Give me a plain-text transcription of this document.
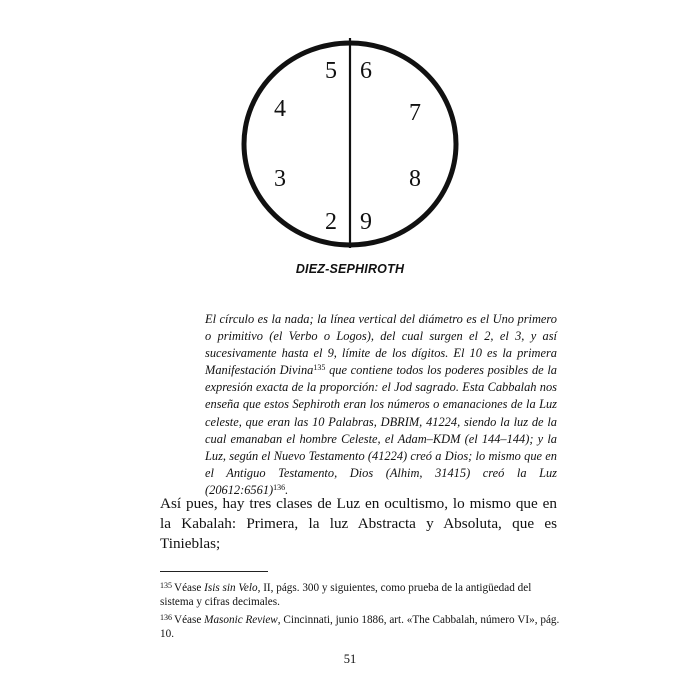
5 6
4	7
3	8
2 9
DIEZ-SEPHIROTH
El círculo es la nada; la línea vertical del diámetro es el Uno primero o primitivo (el Verbo o Logos), del cual surgen el 2, el 3, y así sucesivamente hasta el 9, límite de los dígitos. El 10 es la primera Manifestación Divina$^{135}$ que contiene todos los poderes posibles de la expresión exacta de la proporción: el Jod sagrado. Esta Cabbalah nos enseña que estos Sephiroth eran los números o emanaciones de la Luz celeste, que eran las 10 Palabras, DBRIM, 41224, siendo la luz de la cual emanaban el hombre Celeste, el Adam–KDM (el 144–144); y la Luz, según el Nuevo Testamento (41224) creó a Dios; lo mismo que en el Antiguo Testamento, Dios (Alhim, 31415) creó la Luz (20612:6561)$^{136}$.
Así pues, hay tres clases de Luz en ocultismo, lo mismo que en la Kabalah: Primera, la luz Abstracta y Absoluta, que es Tinieblas;
$^{135}$ Véase Isis sin Velo, II, págs. 300 y siguientes, como prueba de la antigüedad del sistema y cifras decimales.
$^{136}$ Véase Masonic Review, Cincinnati, junio 1886, art. «The Cabbalah, número VI», pág. 10.
51
